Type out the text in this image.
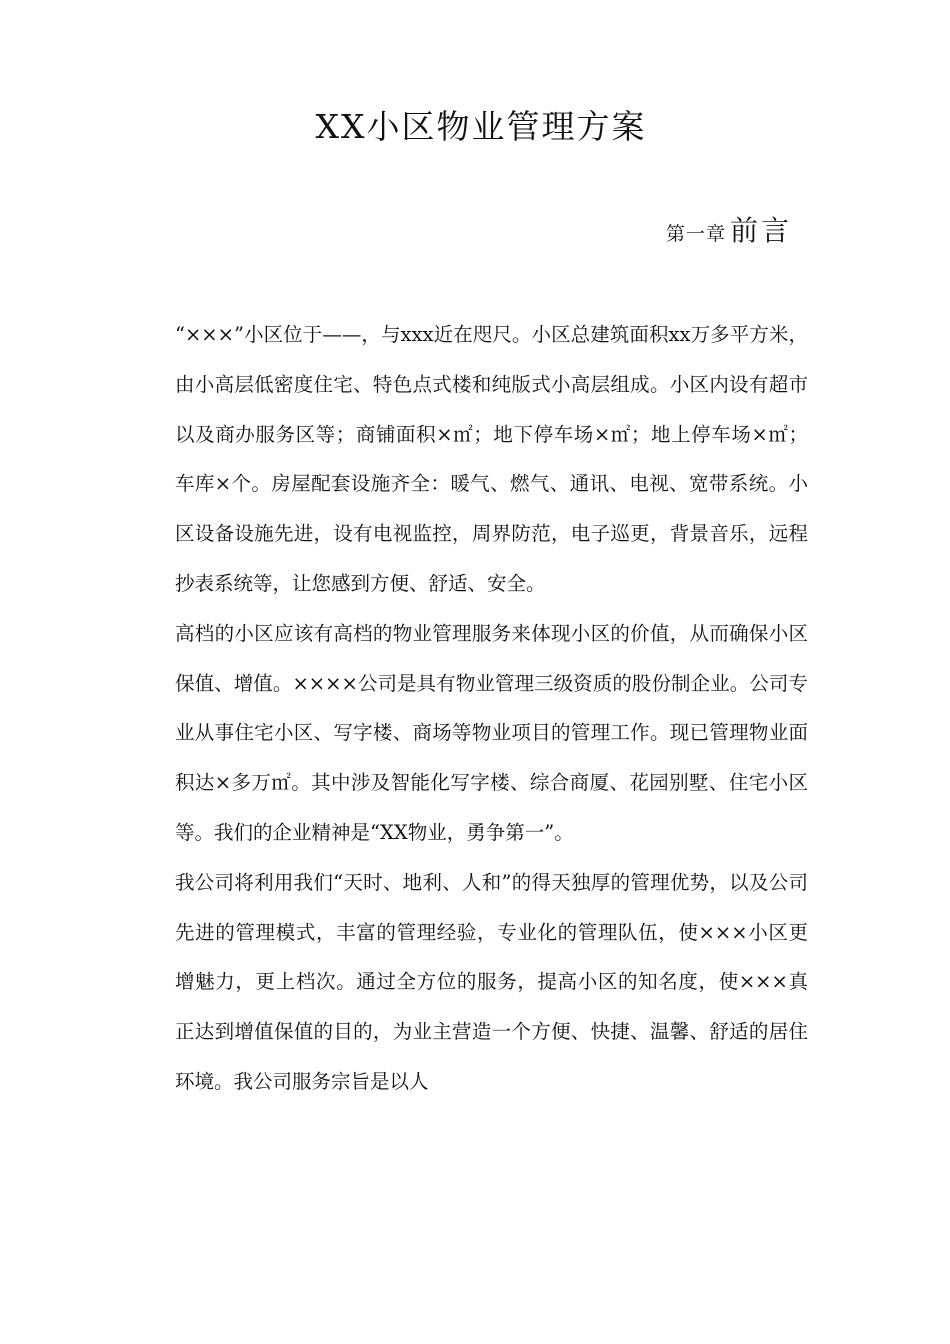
XX小区物业管理方案
第一章 前言

“×××”小区位于——，与xxx近在咫尺。小区总建筑面积xx万多平方米，由小高层低密度住宅、特色点式楼和纯版式小高层组成。小区内设有超市以及商办服务区等；商铺面积×㎡；地下停车场×㎡；地上停车场×㎡；车库×个。房屋配套设施齐全：暖气、燃气、通讯、电视、宽带系统。小区设备设施先进，设有电视监控，周界防范，电子巡更，背景音乐，远程抄表系统等，让您感到方便、舒适、安全。

高档的小区应该有高档的物业管理服务来体现小区的价值，从而确保小区保值、增值。××××公司是具有物业管理三级资质的股份制企业。公司专业从事住宅小区、写字楼、商场等物业项目的管理工作。现已管理物业面积达×多万㎡。其中涉及智能化写字楼、综合商厦、花园别墅、住宅小区等。我们的企业精神是“XX物业，勇争第一”。

我公司将利用我们“天时、地利、人和”的得天独厚的管理优势，以及公司先进的管理模式，丰富的管理经验，专业化的管理队伍，使×××小区更增魅力，更上档次。通过全方位的服务，提高小区的知名度，使×××真正达到增值保值的目的，为业主营造一个方便、快捷、温馨、舒适的居住环境。我公司服务宗旨是以人
